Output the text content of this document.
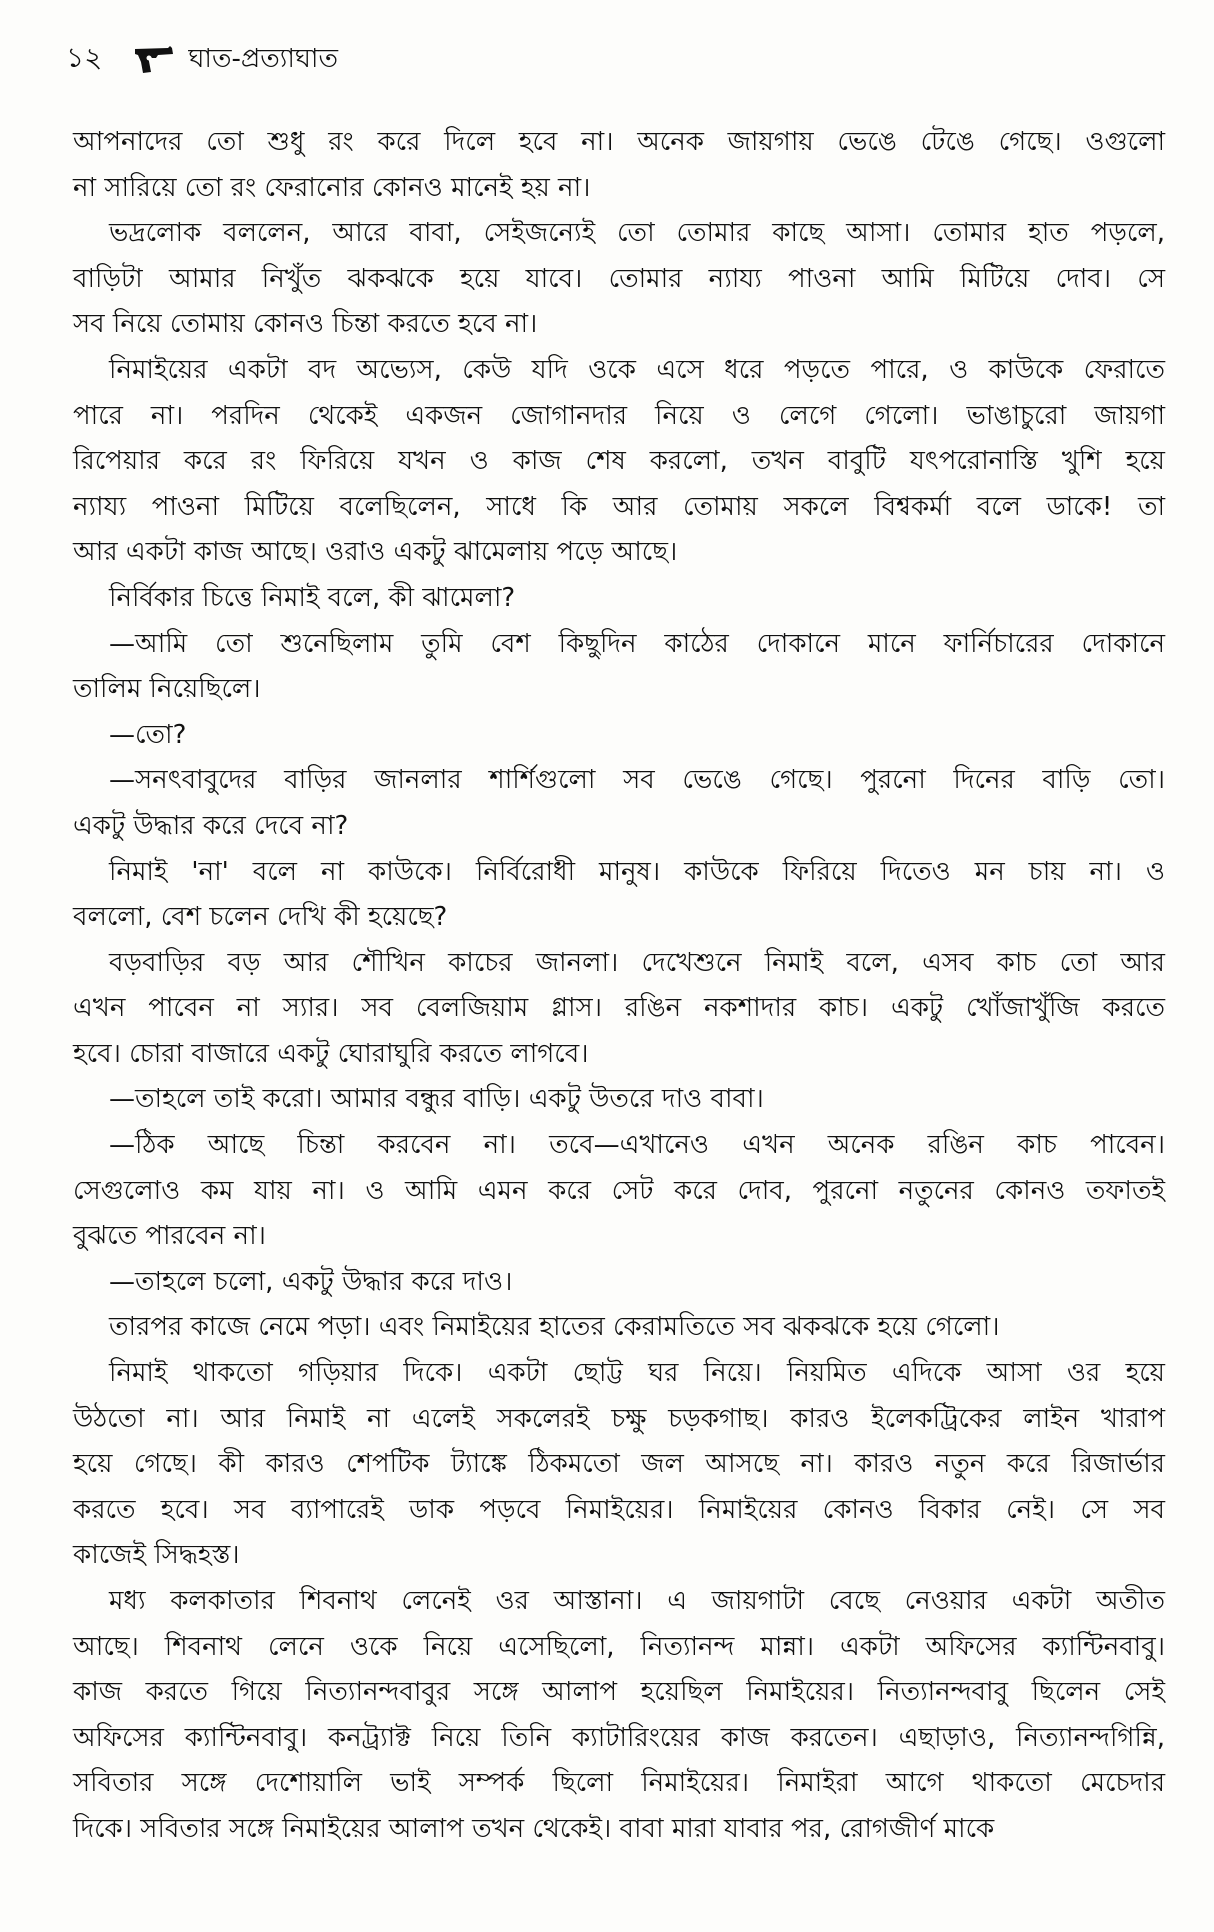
১২	ঘাত-প্রত্যাঘাত
আপনাদের তো শুধু রং করে দিলে হবে না। অনেক জায়গায় ভেঙে টেঙে গেছে। ওগুলো
না সারিয়ে তো রং ফেরানোর কোনও মানেই হয় না।
ভদ্রলোক বললেন, আরে বাবা, সেইজন্যেই তো তোমার কাছে আসা। তোমার হাত পড়লে,
বাড়িটা আমার নিখুঁত ঝকঝকে হয়ে যাবে। তোমার ন্যায্য পাওনা আমি মিটিয়ে দোব। সে
সব নিয়ে তোমায় কোনও চিন্তা করতে হবে না।
নিমাইয়ের একটা বদ অভ্যেস, কেউ যদি ওকে এসে ধরে পড়তে পারে, ও কাউকে ফেরাতে
পারে না। পরদিন থেকেই একজন জোগানদার নিয়ে ও লেগে গেলো। ভাঙাচুরো জায়গা
রিপেয়ার করে রং ফিরিয়ে যখন ও কাজ শেষ করলো, তখন বাবুটি যৎপরোনাস্তি খুশি হয়ে
ন্যায্য পাওনা মিটিয়ে বলেছিলেন, সাধে কি আর তোমায় সকলে বিশ্বকর্মা বলে ডাকে! তা
আর একটা কাজ আছে। ওরাও একটু ঝামেলায় পড়ে আছে।
নির্বিকার চিত্তে নিমাই বলে, কী ঝামেলা?
—আমি তো শুনেছিলাম তুমি বেশ কিছুদিন কাঠের দোকানে মানে ফার্নিচারের দোকানে
তালিম নিয়েছিলে।
—তো?
—সনৎবাবুদের বাড়ির জানলার শার্শিগুলো সব ভেঙে গেছে। পুরনো দিনের বাড়ি তো।
একটু উদ্ধার করে দেবে না?
নিমাই 'না' বলে না কাউকে। নির্বিরোধী মানুষ। কাউকে ফিরিয়ে দিতেও মন চায় না। ও
বললো, বেশ চলেন দেখি কী হয়েছে?
বড়বাড়ির বড় আর শৌখিন কাচের জানলা। দেখেশুনে নিমাই বলে, এসব কাচ তো আর
এখন পাবেন না স্যার। সব বেলজিয়াম গ্লাস। রঙিন নকশাদার কাচ। একটু খোঁজাখুঁজি করতে
হবে। চোরা বাজারে একটু ঘোরাঘুরি করতে লাগবে।
—তাহলে তাই করো। আমার বন্ধুর বাড়ি। একটু উতরে দাও বাবা।
—ঠিক আছে চিন্তা করবেন না। তবে—এখানেও এখন অনেক রঙিন কাচ পাবেন।
সেগুলোও কম যায় না। ও আমি এমন করে সেট করে দোব, পুরনো নতুনের কোনও তফাতই
বুঝতে পারবেন না।
—তাহলে চলো, একটু উদ্ধার করে দাও।
তারপর কাজে নেমে পড়া। এবং নিমাইয়ের হাতের কেরামতিতে সব ঝকঝকে হয়ে গেলো।
নিমাই থাকতো গড়িয়ার দিকে। একটা ছোট্ট ঘর নিয়ে। নিয়মিত এদিকে আসা ওর হয়ে
উঠতো না। আর নিমাই না এলেই সকলেরই চক্ষু চড়কগাছ। কারও ইলেকট্রিকের লাইন খারাপ
হয়ে গেছে। কী কারও শেপটিক ট্যাঙ্কে ঠিকমতো জল আসছে না। কারও নতুন করে রিজার্ভার
করতে হবে। সব ব্যাপারেই ডাক পড়বে নিমাইয়ের। নিমাইয়ের কোনও বিকার নেই। সে সব
কাজেই সিদ্ধহস্ত।
মধ্য কলকাতার শিবনাথ লেনেই ওর আস্তানা। এ জায়গাটা বেছে নেওয়ার একটা অতীত
আছে। শিবনাথ লেনে ওকে নিয়ে এসেছিলো, নিত্যানন্দ মান্না। একটা অফিসের ক্যান্টিনবাবু।
কাজ করতে গিয়ে নিত্যানন্দবাবুর সঙ্গে আলাপ হয়েছিল নিমাইয়ের। নিত্যানন্দবাবু ছিলেন সেই
অফিসের ক্যান্টিনবাবু। কনট্র্যাক্ট নিয়ে তিনি ক্যাটারিংয়ের কাজ করতেন। এছাড়াও, নিত্যানন্দগিন্নি,
সবিতার সঙ্গে দেশোয়ালি ভাই সম্পর্ক ছিলো নিমাইয়ের। নিমাইরা আগে থাকতো মেচেদার
দিকে। সবিতার সঙ্গে নিমাইয়ের আলাপ তখন থেকেই। বাবা মারা যাবার পর, রোগজীর্ণ মাকে
